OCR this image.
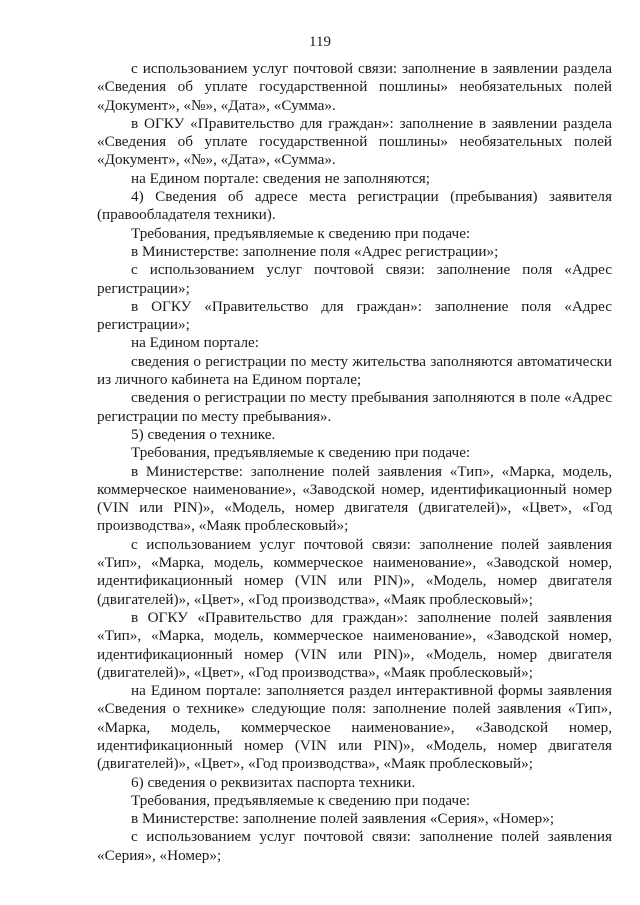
119

с использованием услуг почтовой связи: заполнение в заявлении раздела «Сведения об уплате государственной пошлины» необязательных полей «Документ», «№», «Дата», «Сумма».

в ОГКУ «Правительство для граждан»: заполнение в заявлении раздела «Сведения об уплате государственной пошлины» необязательных полей «Документ», «№», «Дата», «Сумма».

на Едином портале: сведения не заполняются;

4) Сведения об адресе места регистрации (пребывания) заявителя (правообладателя техники).

Требования, предъявляемые к сведению при подаче:

в Министерстве: заполнение поля «Адрес регистрации»;

с использованием услуг почтовой связи: заполнение поля «Адрес регистрации»;

в ОГКУ «Правительство для граждан»: заполнение поля «Адрес регистрации»;

на Едином портале:

сведения о регистрации по месту жительства заполняются автоматически из личного кабинета на Едином портале;

сведения о регистрации по месту пребывания заполняются в поле «Адрес регистрации по месту пребывания».

5) сведения о технике.

Требования, предъявляемые к сведению при подаче:

в Министерстве: заполнение полей заявления «Тип», «Марка, модель, коммерческое наименование», «Заводской номер, идентификационный номер (VIN или PIN)», «Модель, номер двигателя (двигателей)», «Цвет», «Год производства», «Маяк проблесковый»;

с использованием услуг почтовой связи: заполнение полей заявления «Тип», «Марка, модель, коммерческое наименование», «Заводской номер, идентификационный номер (VIN или PIN)», «Модель, номер двигателя (двигателей)», «Цвет», «Год производства», «Маяк проблесковый»;

в ОГКУ «Правительство для граждан»: заполнение полей заявления «Тип», «Марка, модель, коммерческое наименование», «Заводской номер, идентификационный номер (VIN или PIN)», «Модель, номер двигателя (двигателей)», «Цвет», «Год производства», «Маяк проблесковый»;

на Едином портале: заполняется раздел интерактивной формы заявления «Сведения о технике» следующие поля: заполнение полей заявления «Тип», «Марка, модель, коммерческое наименование», «Заводской номер, идентификационный номер (VIN или PIN)», «Модель, номер двигателя (двигателей)», «Цвет», «Год производства», «Маяк проблесковый»;

6) сведения о реквизитах паспорта техники.

Требования, предъявляемые к сведению при подаче:

в Министерстве: заполнение полей заявления «Серия», «Номер»;

с использованием услуг почтовой связи: заполнение полей заявления «Серия», «Номер»;
